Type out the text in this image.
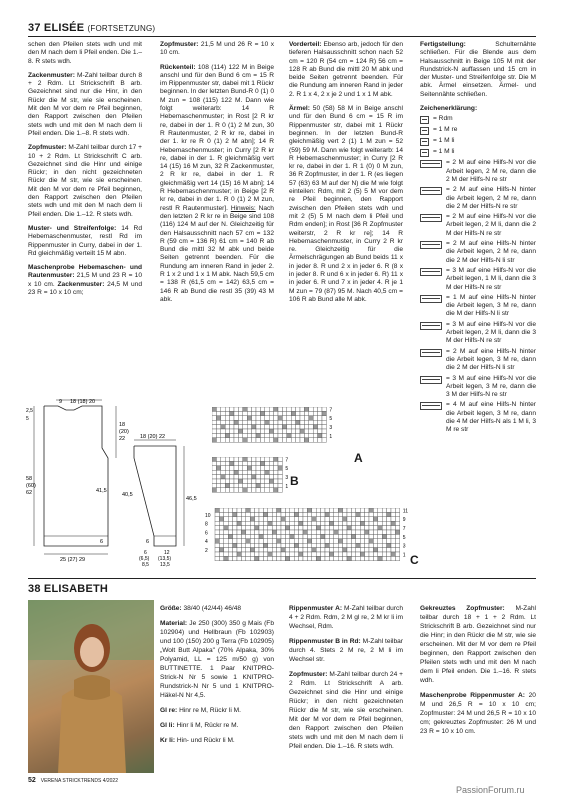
37 ELISÉE (FORTSETZUNG)

schen den Pfeilen stets wdh und mit den M nach dem li Pfeil enden. Die 1.–8. R stets wdh.

Zackenmuster: M-Zahl teilbar durch 8 + 2 Rdm. Lt Strickschrift B arb. Gezeichnet sind nur die Hinr, in den Rückr die M str, wie sie erscheinen. Mit den M vor dem re Pfeil beginnen, den Rapport zwischen den Pfeilen stets wdh und mit den M nach dem li Pfeil enden. Die 1.–8. R stets wdh.

Zopfmuster: M-Zahl teilbar durch 17 + 10 + 2 Rdm. Lt Strickschrift C arb. Gezeichnet sind die Hinr und einige Rückr; in den nicht gezeichneten Rückr die M str, wie sie erscheinen. Mit den M vor dem re Pfeil beginnen, den Rapport zwischen den Pfeilen stets wdh und mit den M nach dem li Pfeil enden. Die 1.–12. R stets wdh.

Muster- und Streifenfolge: 14 Rd Hebemaschenmuster, restl Rd im Rippenmuster in Curry, dabei in der 1. Rd gleichmäßig verteilt 15 M abn.

Maschenprobe Hebemaschen- und Rautenmuster: 21,5 M und 23 R = 10 x 10 cm. Zackenmuster: 24,5 M und 23 R = 10 x 10 cm;

Zopfmuster: 21,5 M und 26 R = 10 x 10 cm.

Rückenteil: 108 (114) 122 M in Beige anschl und für den Bund 6 cm = 15 R im Rippenmuster str, dabei mit 1 Rückr beginnen. In der letzten Bund-R 0 (1) 0 M zun = 108 (115) 122 M. Dann wie folgt weiterarb: 14 R Hebemaschenmuster; in Rost [2 R kr re, dabei in der 1. R 0 (1) 2 M zun, 30 R Rautenmuster, 2 R kr re, dabei in der 1. kr re R 0 (1) 2 M abn]; 14 R Hebemaschenmuster; in Curry [2 R kr re, dabei in der 1. R gleichmäßig vert 14 (15) 16 M zun, 32 R Zackenmuster, 2 R kr re, dabei in der 1. R gleichmäßig vert 14 (15) 16 M abn]; 14 R Hebemaschenmuster; in Beige [2 R kr re, dabei in der 1. R 0 (1) 2 M zun, restl R Rautenmuster]. Hinweis: Nach den letzten 2 R kr re in Beige sind 108 (116) 124 M auf der N. Gleichzeitig für den Halsausschnitt nach 57 cm = 132 R (59 cm = 136 R) 61 cm = 140 R ab Bund die mittl 32 M abk und beide Seiten getrennt beenden. Für die Rundung am inneren Rand in jeder 2. R 1 x 2 und 1 x 1 M abk. Nach 59,5 cm = 138 R (61,5 cm = 142) 63,5 cm = 146 R ab Bund die restl 35 (39) 43 M abk.

Vorderteil: Ebenso arb, jedoch für den tieferen Halsausschnitt schon nach 52 cm = 120 R (54 cm = 124 R) 56 cm = 128 R ab Bund die mittl 20 M abk und beide Seiten getrennt beenden. Für die Rundung am inneren Rand in jeder 2. R 1 x 4, 2 x je 2 und 1 x 1 M abk.

Ärmel: 50 (58) 58 M in Beige anschl und für den Bund 6 cm = 15 R im Rippenmuster str, dabei mit 1 Rückr beginnen. In der letzten Bund-R gleichmäßig vert 2 (1) 1 M zun = 52 (59) 59 M. Dann wie folgt weiterarb: 14 R Hebemaschenmuster; in Curry [2 R kr re, dabei in der 1. R 1 (0) 0 M zun, 36 R Zopfmuster, in der 1. R (es liegen 57 (63) 63 M auf der N) die M wie folgt einteilen: Rdm, mit 2 (5) 5 M vor dem re Pfeil beginnen, den Rapport zwischen den Pfeilen stets wdh und mit 2 (5) 5 M nach dem li Pfeil und Rdm enden]; in Rost [36 R Zopfmuster weiterstr, 2 R kr re]; 14 R Hebemaschenmuster, in Curry 2 R kr re. Gleichzeitig für die Ärmelschrägungen ab Bund beids 11 x in jeder 8. R und 2 x in jeder 6. R (8 x in jeder 8. R und 6 x in jeder 6. R) 11 x in jeder 6. R und 7 x in jeder 4. R je 1 M zun = 79 (87) 95 M. Nach 40,5 cm = 106 R ab Bund alle M abk.

Fertigstellung:	Schulternähte schließen. Für die Blende aus dem Halsausschnitt in Beige 105 M mit der Rundstrick-N auffassen und 15 cm in der Muster- und Streifenfolge str. Die M abk. Ärmel einsetzen. Ärmel- und Seitennähte schließen.

Zeichenerklärung:
= Rdm
= 1 M re
= 1 M li
= 1 M li
= 2 M auf eine Hilfs-N vor die Arbeit legen, 2 M re, dann die 2 M der Hilfs-N re str
= 2 M auf eine Hilfs-N hinter die Arbeit legen, 2 M re, dann die 2 M der Hilfs-N re str
= 2 M auf eine Hilfs-N vor die Arbeit legen, 2 M li, dann die 2 M der Hilfs-N re str
= 2 M auf eine Hilfs-N hinter die Arbeit legen, 2 M re, dann die 2 M der Hilfs-N li str
= 3 M auf eine Hilfs-N vor die Arbeit legen, 1 M li, dann die 3 M der Hilfs-N re str
= 1 M auf eine Hilfs-N hinter die Arbeit legen, 3 M re, dann die M der Hilfs-N li str
= 3 M auf eine Hilfs-N vor die Arbeit legen, 2 M li, dann die 3 M der Hilfs-N re str
= 2 M auf eine Hilfs-N hinter die Arbeit legen, 3 M re, dann die 2 M der Hilfs-N li str
= 3 M auf eine Hilfs-N vor die Arbeit legen, 3 M re, dann die 3 M der Hilfs-N re str
= 4 M auf eine Hilfs-N hinter die Arbeit legen, 3 M re, dann die 4 M der Hilfs-N als 1 M li, 3 M re str
9 18 (18) 20
2,5
5
58
(60)
62	41,5
18
(20)
22
6
25 (27) 29
18 (20) 22
40,5
46,5
6
6
(6,5)
8,5
12
(13,5)
13,5
7
5
3
1
A
7
5
3
1 B
11
9
7
5
3
1
10
8
6
4
2
C
38 ELISABETH

Größe: 38/40 (42/44) 46/48

Material: Je 250 (300) 350 g Mais (Fb 102904) und Hellbraun (Fb 102903) und 100 (150) 200 g Terra (Fb 102905) „Wolt Butt Alpaka" (70% Alpaka, 30% Polyamid, LL = 125 m/50 g) von BUTTINETTE. 1 Paar KNITPRO-Strick-N Nr 5 sowie 1 KNITPRO-Rundstrick-N Nr 5 und 1 KNITPRO-Häkel-N Nr 4,5.

Gl re: Hinr re M, Rückr li M.

Gl li: Hinr li M, Rückr re M.

Kr li: Hin- und Rückr li M.

Rippenmuster A: M-Zahl teilbar durch 4 + 2 Rdm. Rdm, 2 M gl re, 2 M kr li im Wechsel, Rdm.

Rippenmuster B in Rd: M-Zahl teilbar durch 4. Stets 2 M re, 2 M li im Wechsel str.

Zopfmuster: M-Zahl teilbar durch 24 + 2 Rdm. Lt Strickschrift A arb. Gezeichnet sind die Hinr und einige Rückr; in den nicht gezeichneten Rückr die M str, wie sie erscheinen. Mit der M vor dem re Pfeil beginnen, den Rapport zwischen den Pfeilen stets wdh und mit den M nach dem li Pfeil enden. Die 1.–16. R stets wdh.

Gekreuztes Zopfmuster: M-Zahl teilbar durch 18 + 1 + 2 Rdm. Lt Strickschrift B arb. Gezeichnet sind nur die Hinr; in den Rückr die M str, wie sie erscheinen. Mit der M vor dem re Pfeil beginnen, den Rapport zwischen den Pfeilen stets wdh und mit den M nach dem li Pfeil enden. Die 1.–16. R stets wdh.

Maschenprobe Rippenmuster A: 20 M und 26,5 R = 10 x 10 cm; Zopfmuster: 24 M und 26,5 R = 10 x 10 cm; gekreuztes Zopfmuster: 26 M und 23 R = 10 x 10 cm.

52 VERENA STRICKTRENDS 4/2022
PassionForum.ru
